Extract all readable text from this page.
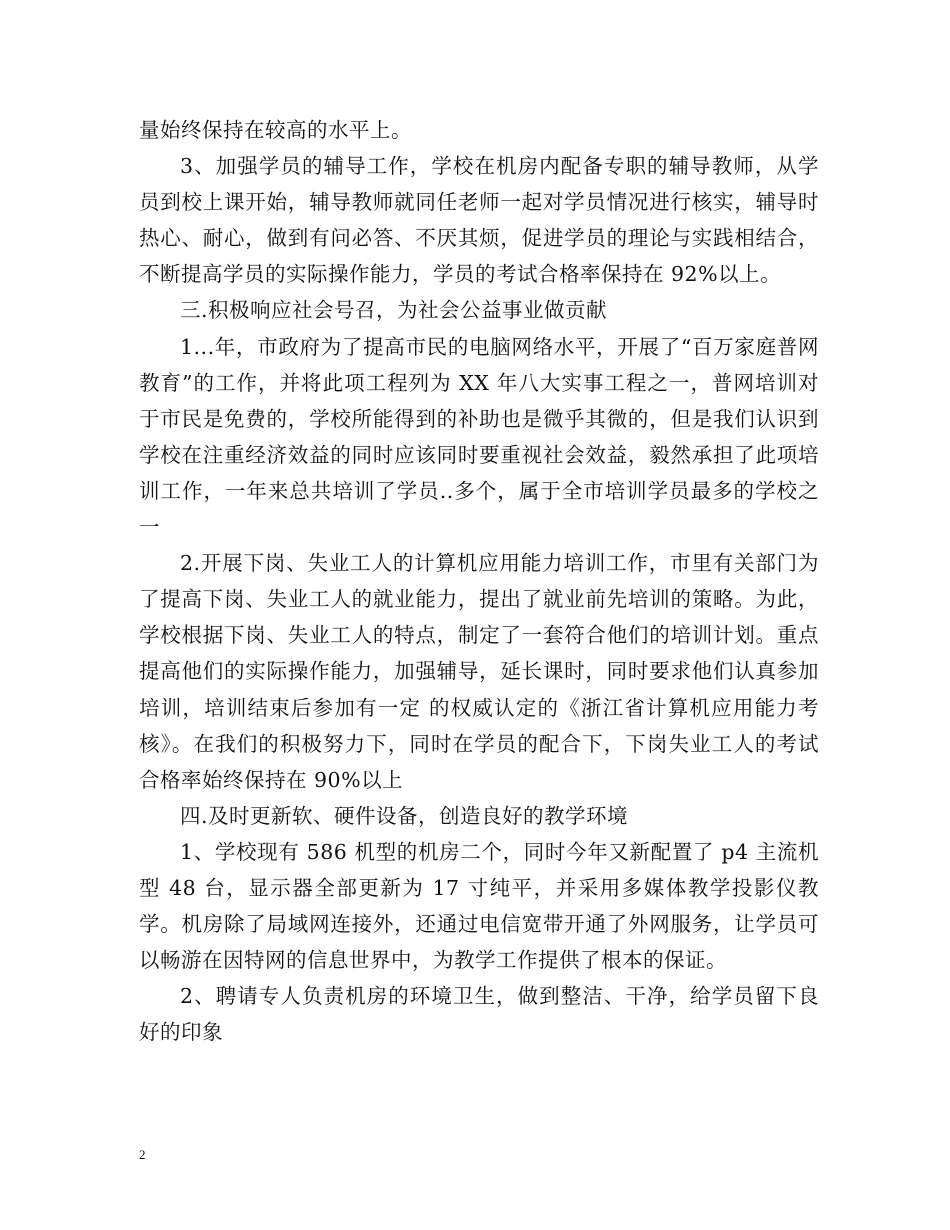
量始终保持在较高的水平上。

3、加强学员的辅导工作，学校在机房内配备专职的辅导教师，从学员到校上课开始，辅导教师就同任老师一起对学员情况进行核实，辅导时热心、耐心，做到有问必答、不厌其烦，促进学员的理论与实践相结合，不断提高学员的实际操作能力，学员的考试合格率保持在 92%以上。

三.积极响应社会号召，为社会公益事业做贡献

1...年，市政府为了提高市民的电脑网络水平，开展了“百万家庭普网教育”的工作，并将此项工程列为 XX 年八大实事工程之一，普网培训对于市民是免费的，学校所能得到的补助也是微乎其微的，但是我们认识到学校在注重经济效益的同时应该同时要重视社会效益，毅然承担了此项培训工作，一年来总共培训了学员..多个，属于全市培训学员最多的学校之一

2.开展下岗、失业工人的计算机应用能力培训工作，市里有关部门为了提高下岗、失业工人的就业能力，提出了就业前先培训的策略。为此，学校根据下岗、失业工人的特点，制定了一套符合他们的培训计划。重点提高他们的实际操作能力，加强辅导，延长课时，同时要求他们认真参加培训，培训结束后参加有一定 的权威认定的《浙江省计算机应用能力考核》。在我们的积极努力下，同时在学员的配合下，下岗失业工人的考试合格率始终保持在 90%以上

四.及时更新软、硬件设备，创造良好的教学环境

1、学校现有 586 机型的机房二个，同时今年又新配置了 p4 主流机型 48 台，显示器全部更新为 17 寸纯平，并采用多媒体教学投影仪教学。机房除了局域网连接外，还通过电信宽带开通了外网服务，让学员可以畅游在因特网的信息世界中，为教学工作提供了根本的保证。

2、聘请专人负责机房的环境卫生，做到整洁、干净，给学员留下良好的印象

2
